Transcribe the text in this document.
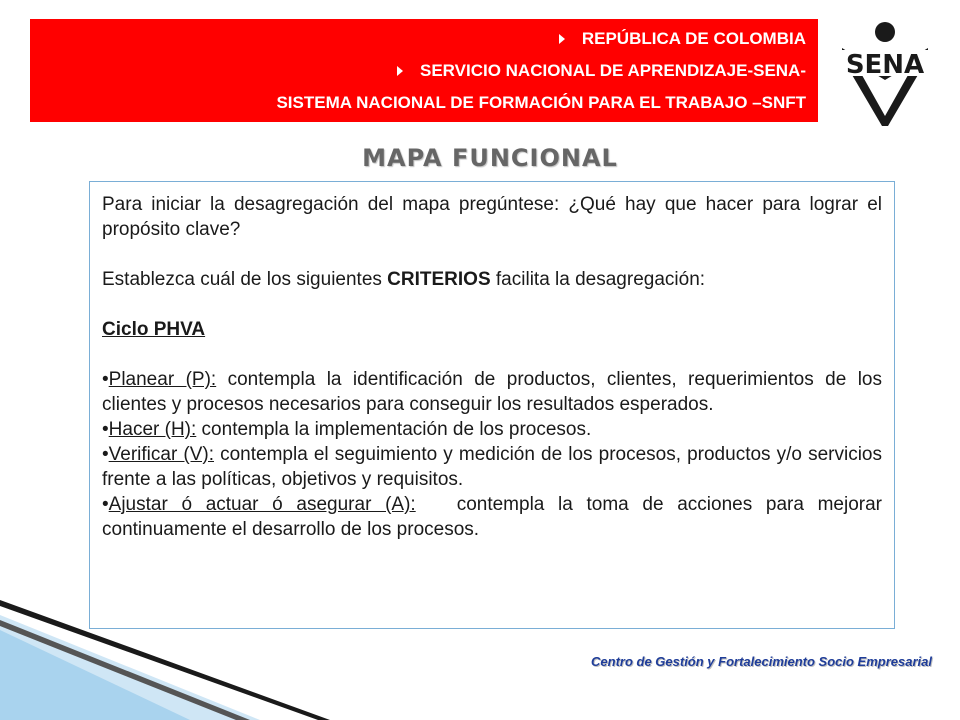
REPÚBLICA DE COLOMBIA
SERVICIO NACIONAL DE APRENDIZAJE-SENA-
SISTEMA NACIONAL DE FORMACIÓN PARA EL TRABAJO –SNFT
SENA
MAPA FUNCIONAL

Para iniciar la desagregación del mapa pregúntese: ¿Qué hay que hacer para lograr el propósito clave?

Establezca cuál de los siguientes CRITERIOS facilita la desagregación:

Ciclo PHVA

•Planear (P): contempla la identificación de productos, clientes, requerimientos de los clientes y procesos necesarios para conseguir los resultados esperados.

•Hacer (H): contempla la implementación de los procesos.

•Verificar (V): contempla el seguimiento y medición de los procesos, productos y/o servicios frente a las políticas, objetivos y requisitos.

•Ajustar ó actuar ó asegurar (A):   contempla la toma de acciones para mejorar continuamente el desarrollo de los procesos.

Centro de Gestión y Fortalecimiento Socio Empresarial
